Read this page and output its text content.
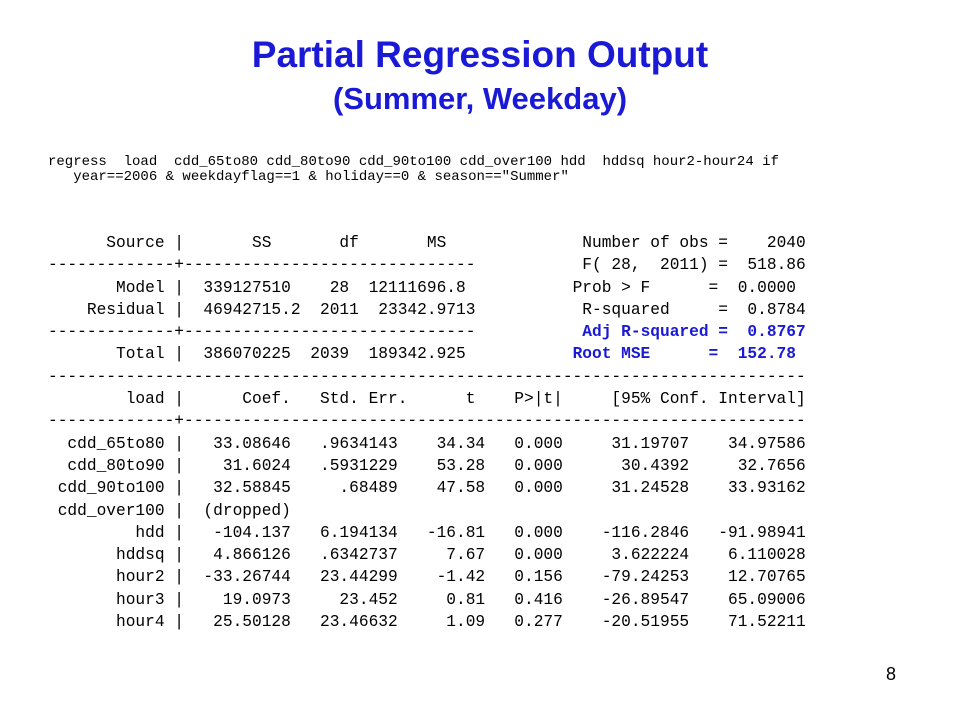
Partial Regression Output
(Summer, Weekday)
regress  load  cdd_65to80 cdd_80to90 cdd_90to100 cdd_over100 hdd  hddsq hour2-hour24 if
year==2006 & weekdayflag==1 & holiday==0 & season=="Summer"
Source |       SS       df       MS              Number of obs =    2040
-------------+------------------------------           F( 28,  2011) =  518.86
Model |  339127510    28  12111696.8           Prob > F      =  0.0000
Residual |  46942715.2  2011  23342.9713           R-squared     =  0.8784
-------------+------------------------------           Adj R-squared =  0.8767
Total |  386070225  2039  189342.925           Root MSE      =  152.78
------------------------------------------------------------------------------
load |      Coef.   Std. Err.      t    P>|t|     [95% Conf. Interval]
-------------+----------------------------------------------------------------
cdd_65to80 |   33.08646   .9634143    34.34   0.000     31.19707    34.97586
cdd_80to90 |    31.6024   .5931229    53.28   0.000      30.4392     32.7656
cdd_90to100 |   32.58845     .68489    47.58   0.000     31.24528    33.93162
cdd_over100 |  (dropped)
hdd |   -104.137   6.194134   -16.81   0.000    -116.2846   -91.98941
hddsq |   4.866126   .6342737     7.67   0.000     3.622224    6.110028
hour2 |  -33.26744   23.44299    -1.42   0.156    -79.24253    12.70765
hour3 |    19.0973     23.452     0.81   0.416    -26.89547    65.09006
hour4 |   25.50128   23.46632     1.09   0.277    -20.51955    71.52211
8
